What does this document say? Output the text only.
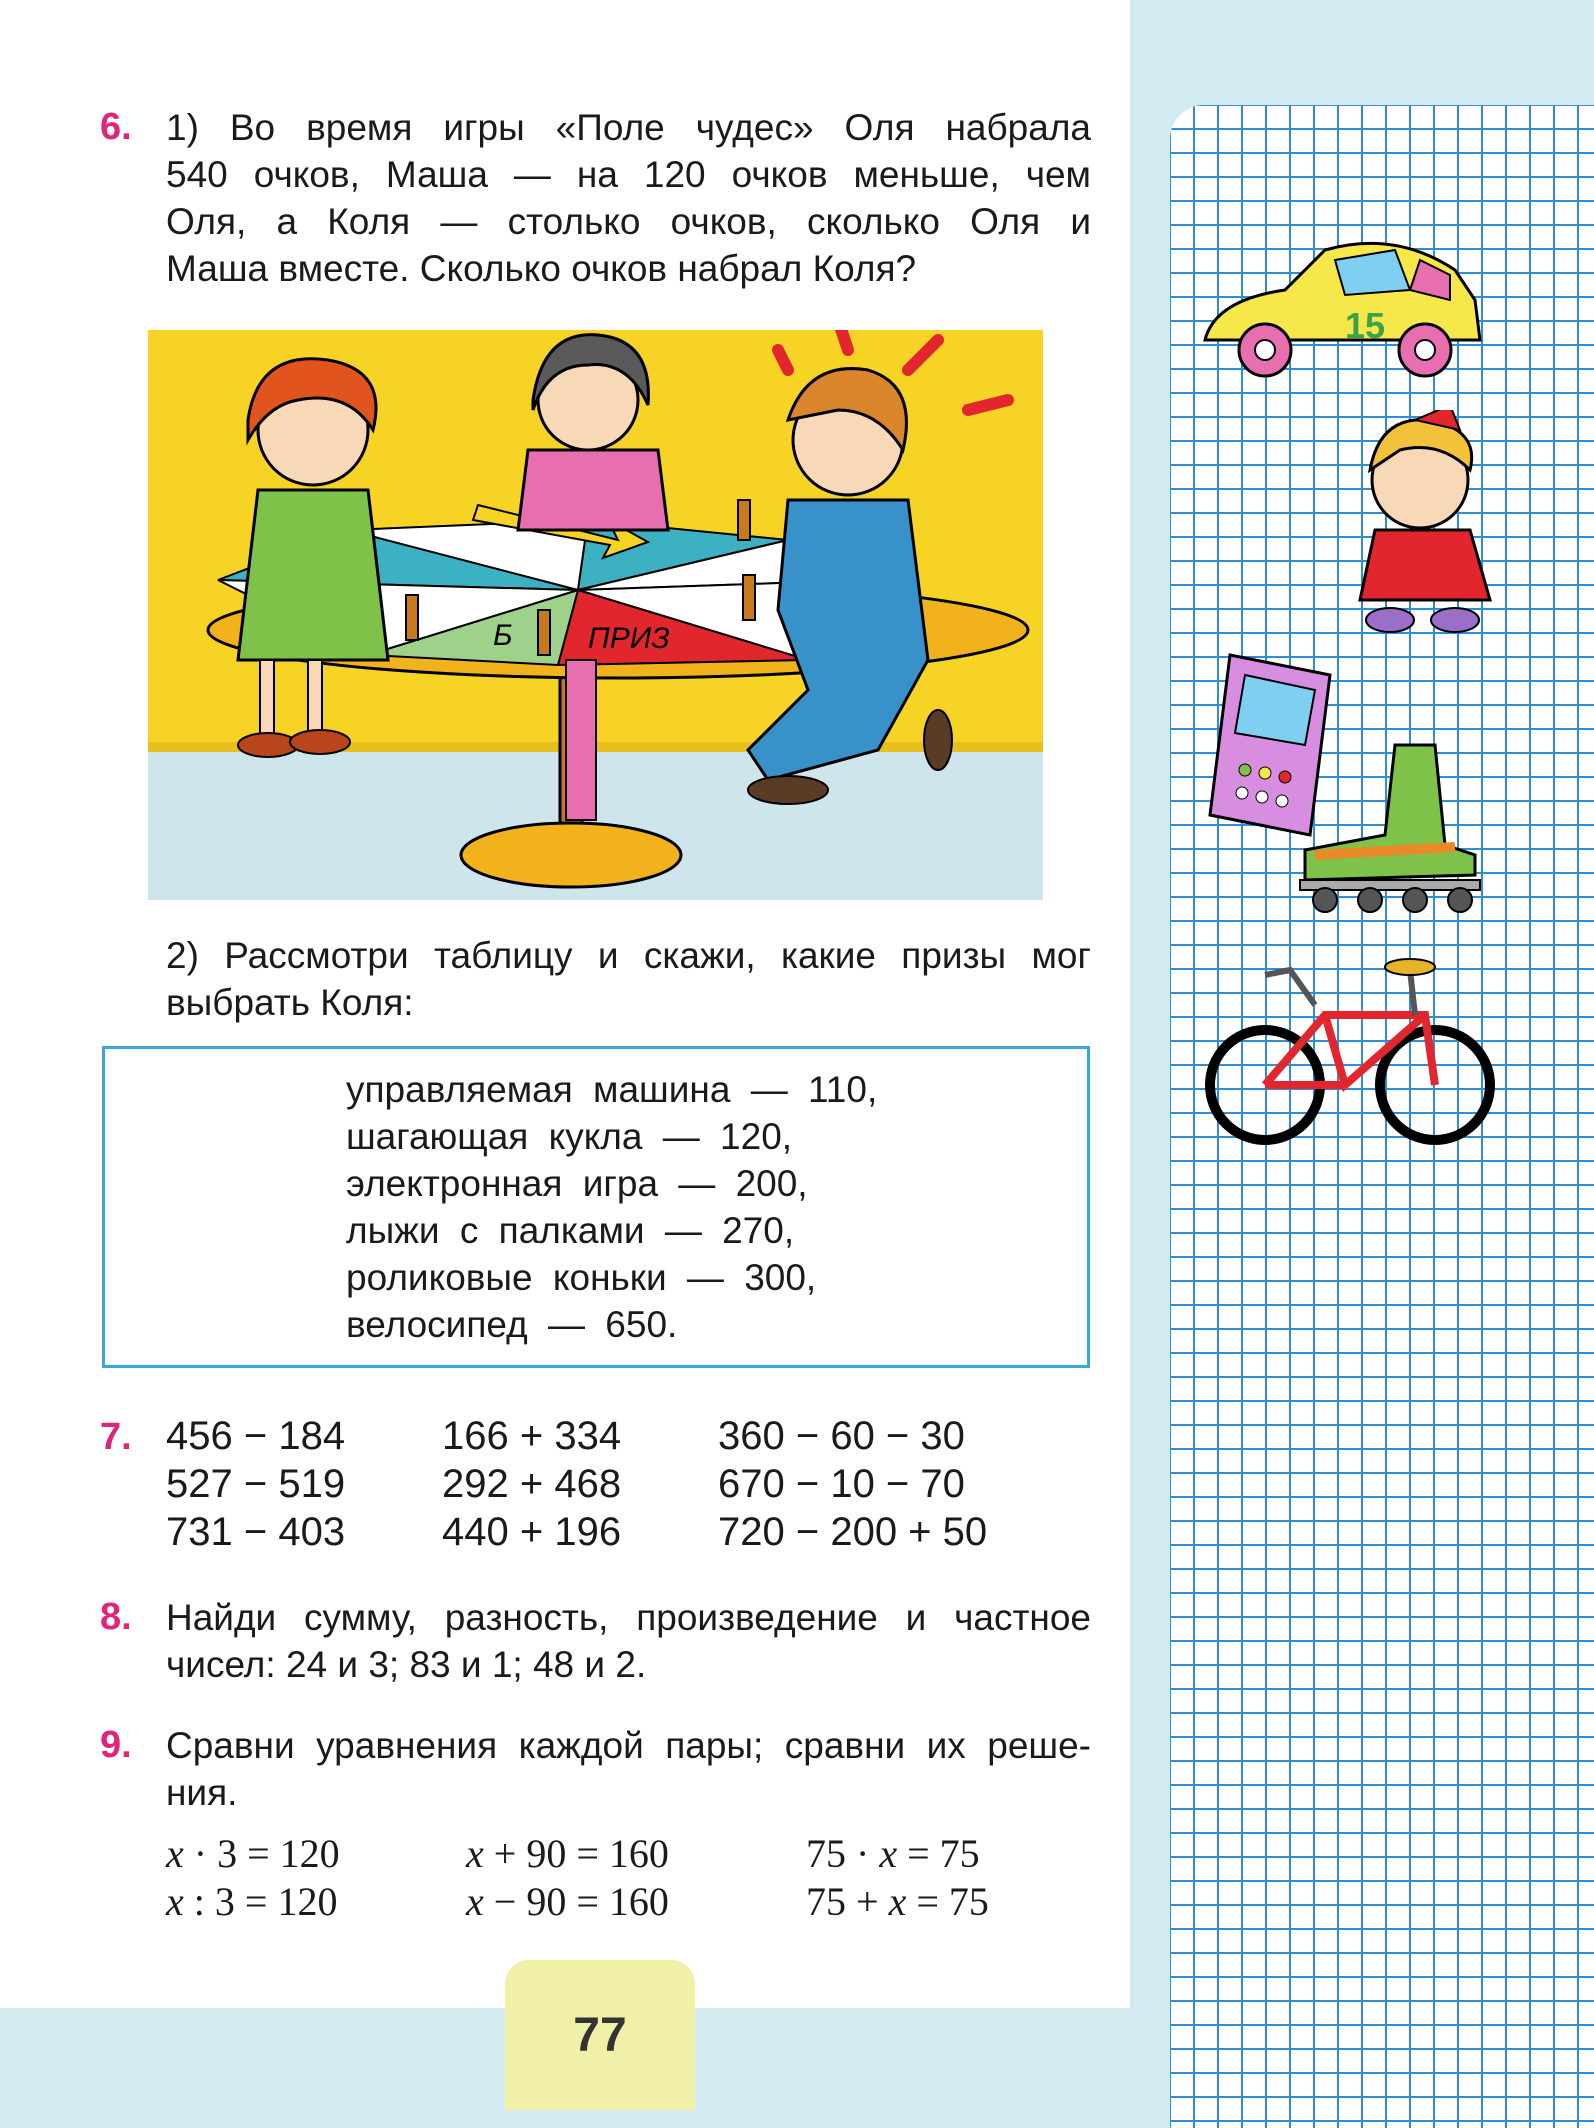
6. 1) Во время игры «Поле чудес» Оля набрала
540 очков, Маша — на 120 очков меньше, чем
Оля, а Коля — столько очков, сколько Оля и
Маша вместе. Сколько очков набрал Коля?
Б	ПРИЗ
2) Рассмотри таблицу и скажи, какие призы мог
выбрать Коля:
управляемая машина — 110,
шагающая кукла — 120,
электронная игра — 200,
лыжи с палками — 270,
роликовые коньки — 300,
велосипед — 650.
7. 456 − 184
527 − 519
731 − 403
166 + 334
292 + 468
440 + 196
360 − 60 − 30
670 − 10 − 70
720 − 200 + 50
8. Найди сумму, разность, произведение и частное
чисел: 24 и 3; 83 и 1; 48 и 2.
9. Сравни уравнения каждой пары; сравни их реше-
ния.
x · 3 = 120
x : 3 = 120
x + 90 = 160
x − 90 = 160
75 · x = 75
75 + x = 75
77
15
